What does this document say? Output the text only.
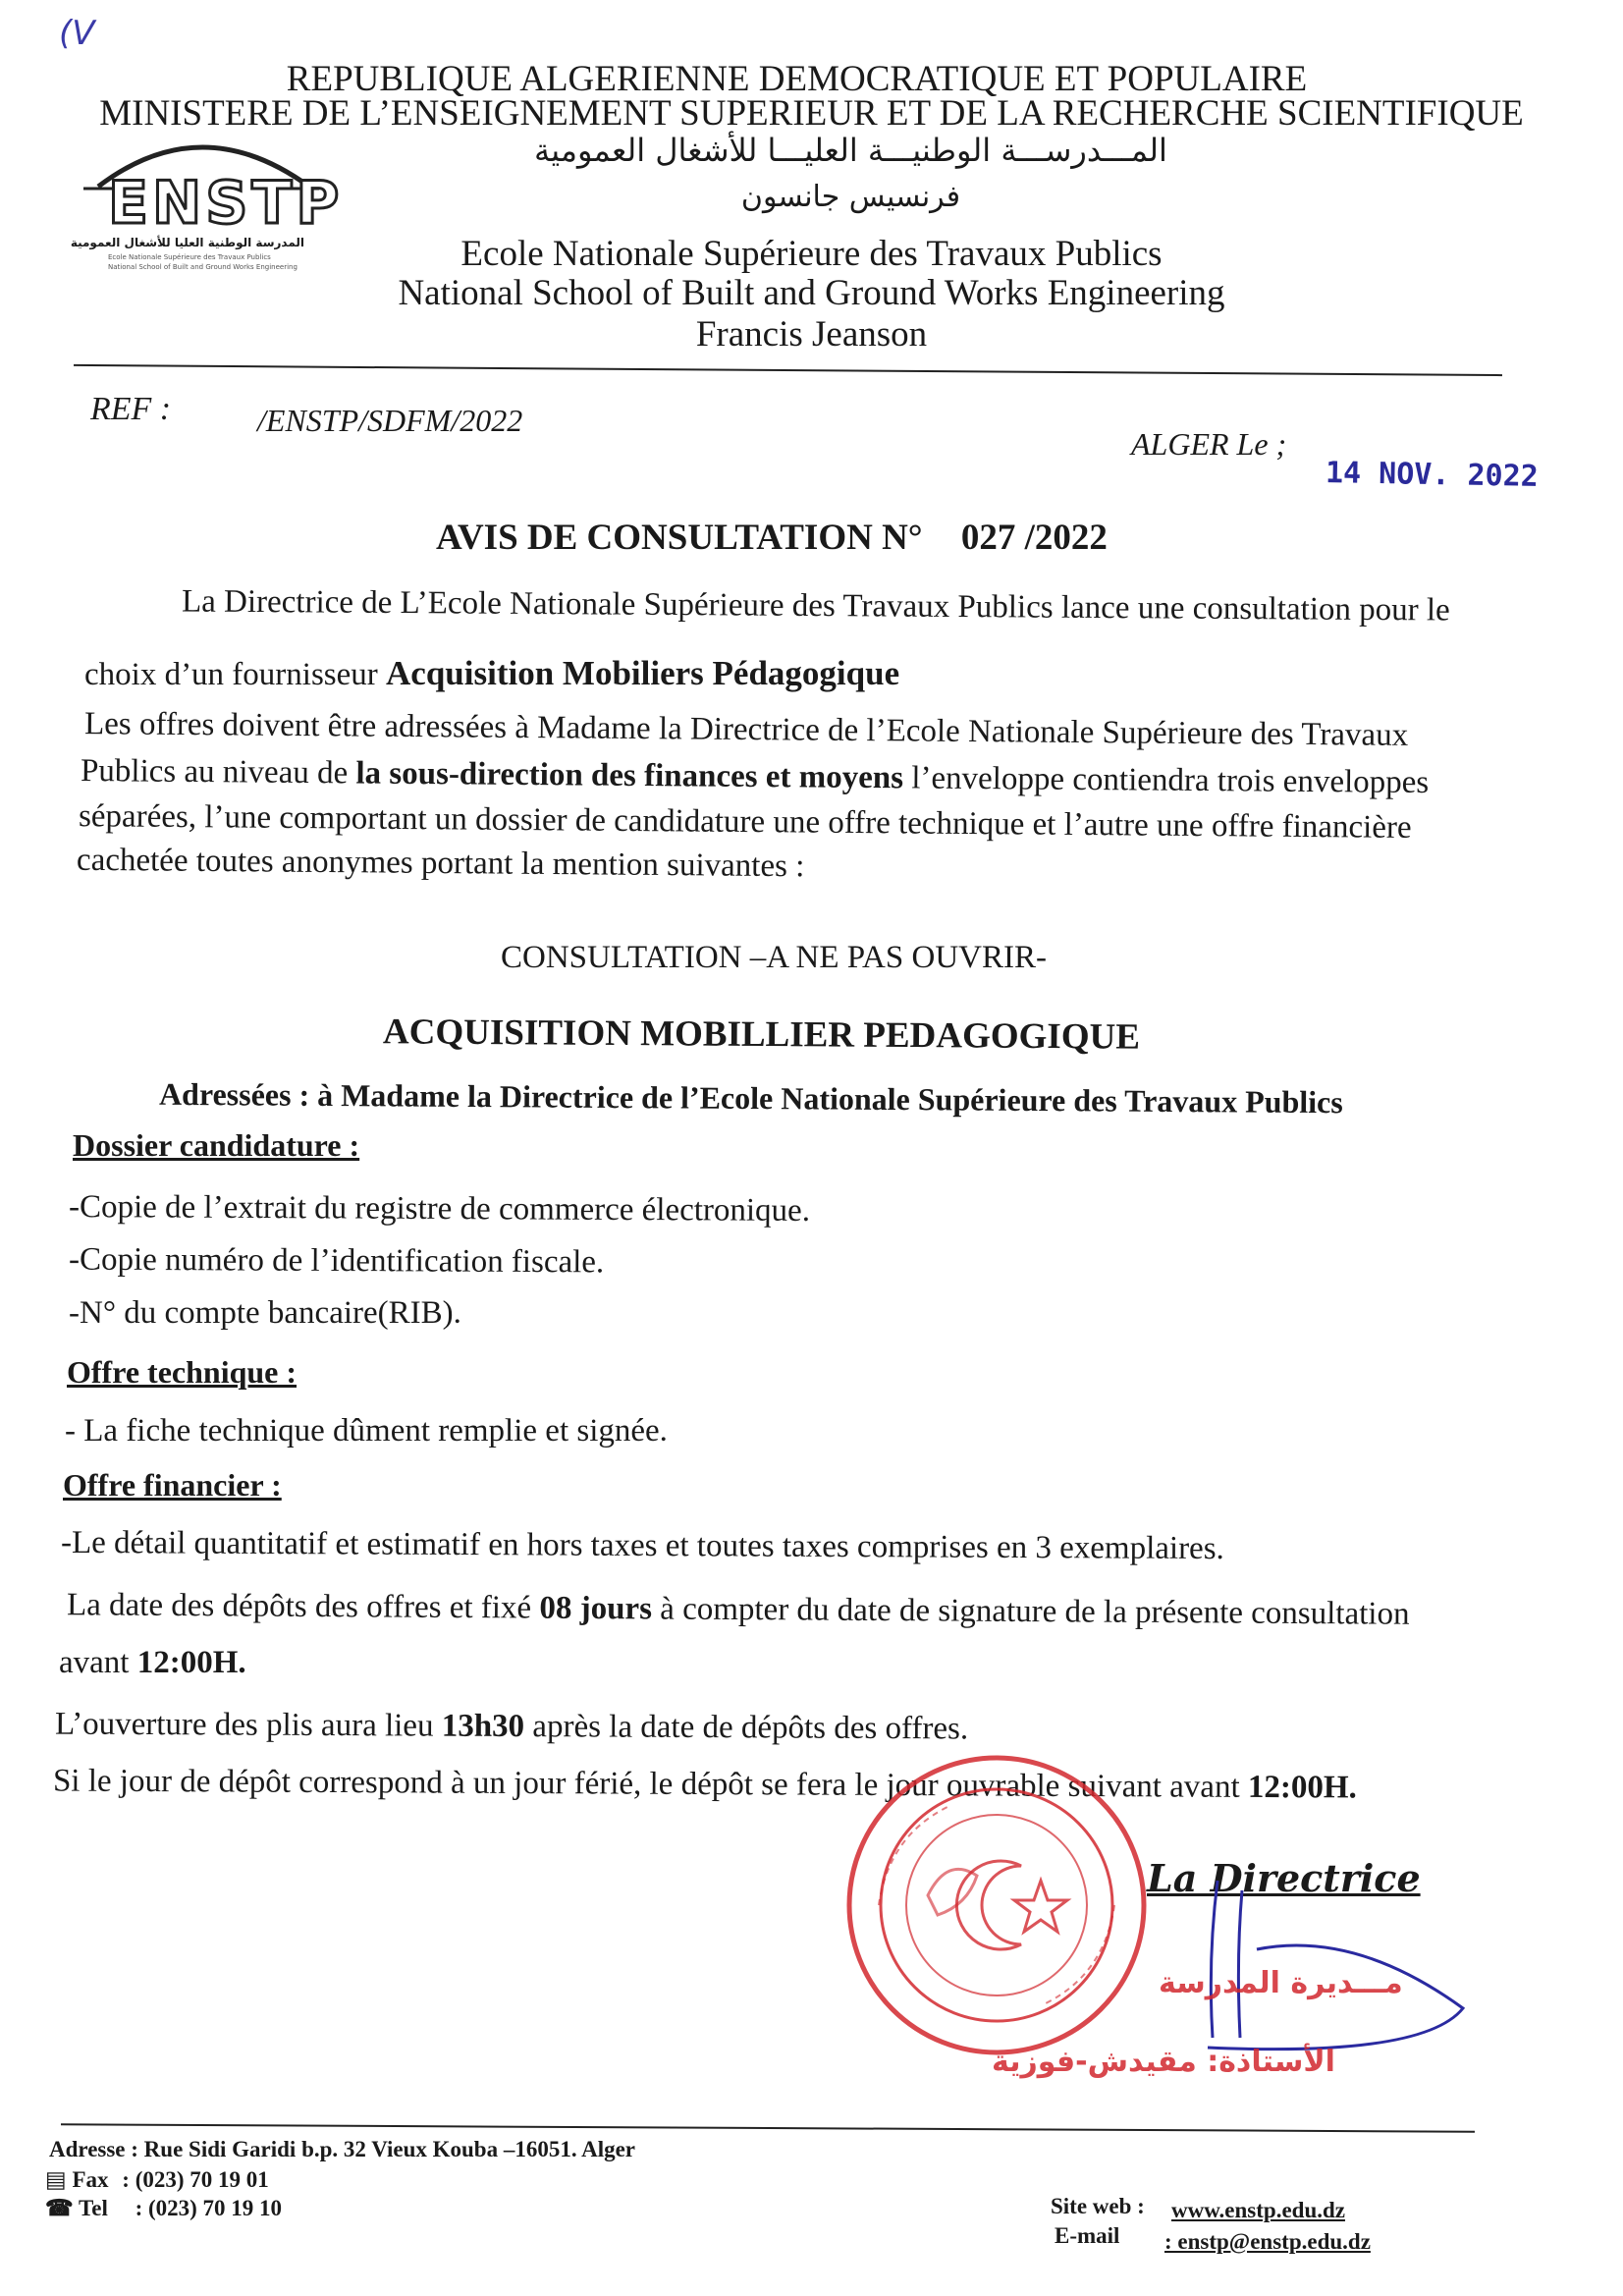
(V
REPUBLIQUE ALGERIENNE DEMOCRATIQUE ET POPULAIRE
MINISTERE DE L’ENSEIGNEMENT SUPERIEUR ET DE LA RECHERCHE SCIENTIFIQUE
المـــدرســـة الوطنيـــة العليـــا للأشغال العمومية
فرنسيس جانسون
Ecole Nationale Supérieure des Travaux Publics
National School of Built and Ground Works Engineering
Francis Jeanson
ENSTP
المدرسة الوطنية العليا للأشغال العمومية
Ecole Nationale Supérieure des Travaux Publics
National School of Built and Ground Works Engineering
REF :	/ENSTP/SDFM/2022
ALGER Le ;
14 NOV. 2022
AVIS DE CONSULTATION N° 027 /2022
La Directrice de L’Ecole Nationale Supérieure des Travaux Publics lance une consultation pour le
choix d’un fournisseur Acquisition Mobiliers Pédagogique
Les offres doivent être adressées à Madame la Directrice de l’Ecole Nationale Supérieure des Travaux
Publics au niveau de la sous-direction des finances et moyens l’enveloppe contiendra trois enveloppes
séparées, l’une comportant un dossier de candidature une offre technique et l’autre une offre financière
cachetée toutes anonymes portant la mention suivantes :
CONSULTATION –A NE PAS OUVRIR-
ACQUISITION MOBILLIER PEDAGOGIQUE
Adressées : à Madame la Directrice de l’Ecole Nationale Supérieure des Travaux Publics
Dossier candidature :
-Copie de l’extrait du registre de commerce électronique.
-Copie numéro de l’identification fiscale.
-N° du compte bancaire(RIB).
Offre technique :
- La fiche technique dûment remplie et signée.
Offre financier :
-Le détail quantitatif et estimatif en hors taxes et toutes taxes comprises en 3 exemplaires.
La date des dépôts des offres et fixé 08 jours à compter du date de signature de la présente consultation
avant 12:00H.
L’ouverture des plis aura lieu 13h30 après la date de dépôts des offres.
Si le jour de dépôt correspond à un jour férié, le dépôt se fera le jour ouvrable suivant avant 12:00H.
La Directrice
مـــديرة المدرسة
الأستاذة: مقيدش-فوزية
Adresse : Rue Sidi Garidi b.p. 32 Vieux Kouba –16051. Alger
▤ Fax : (023) 70 19 01
☎ Tel : (023) 70 19 10	Site web : www.enstp.edu.dz
E-mail : enstp@enstp.edu.dz
